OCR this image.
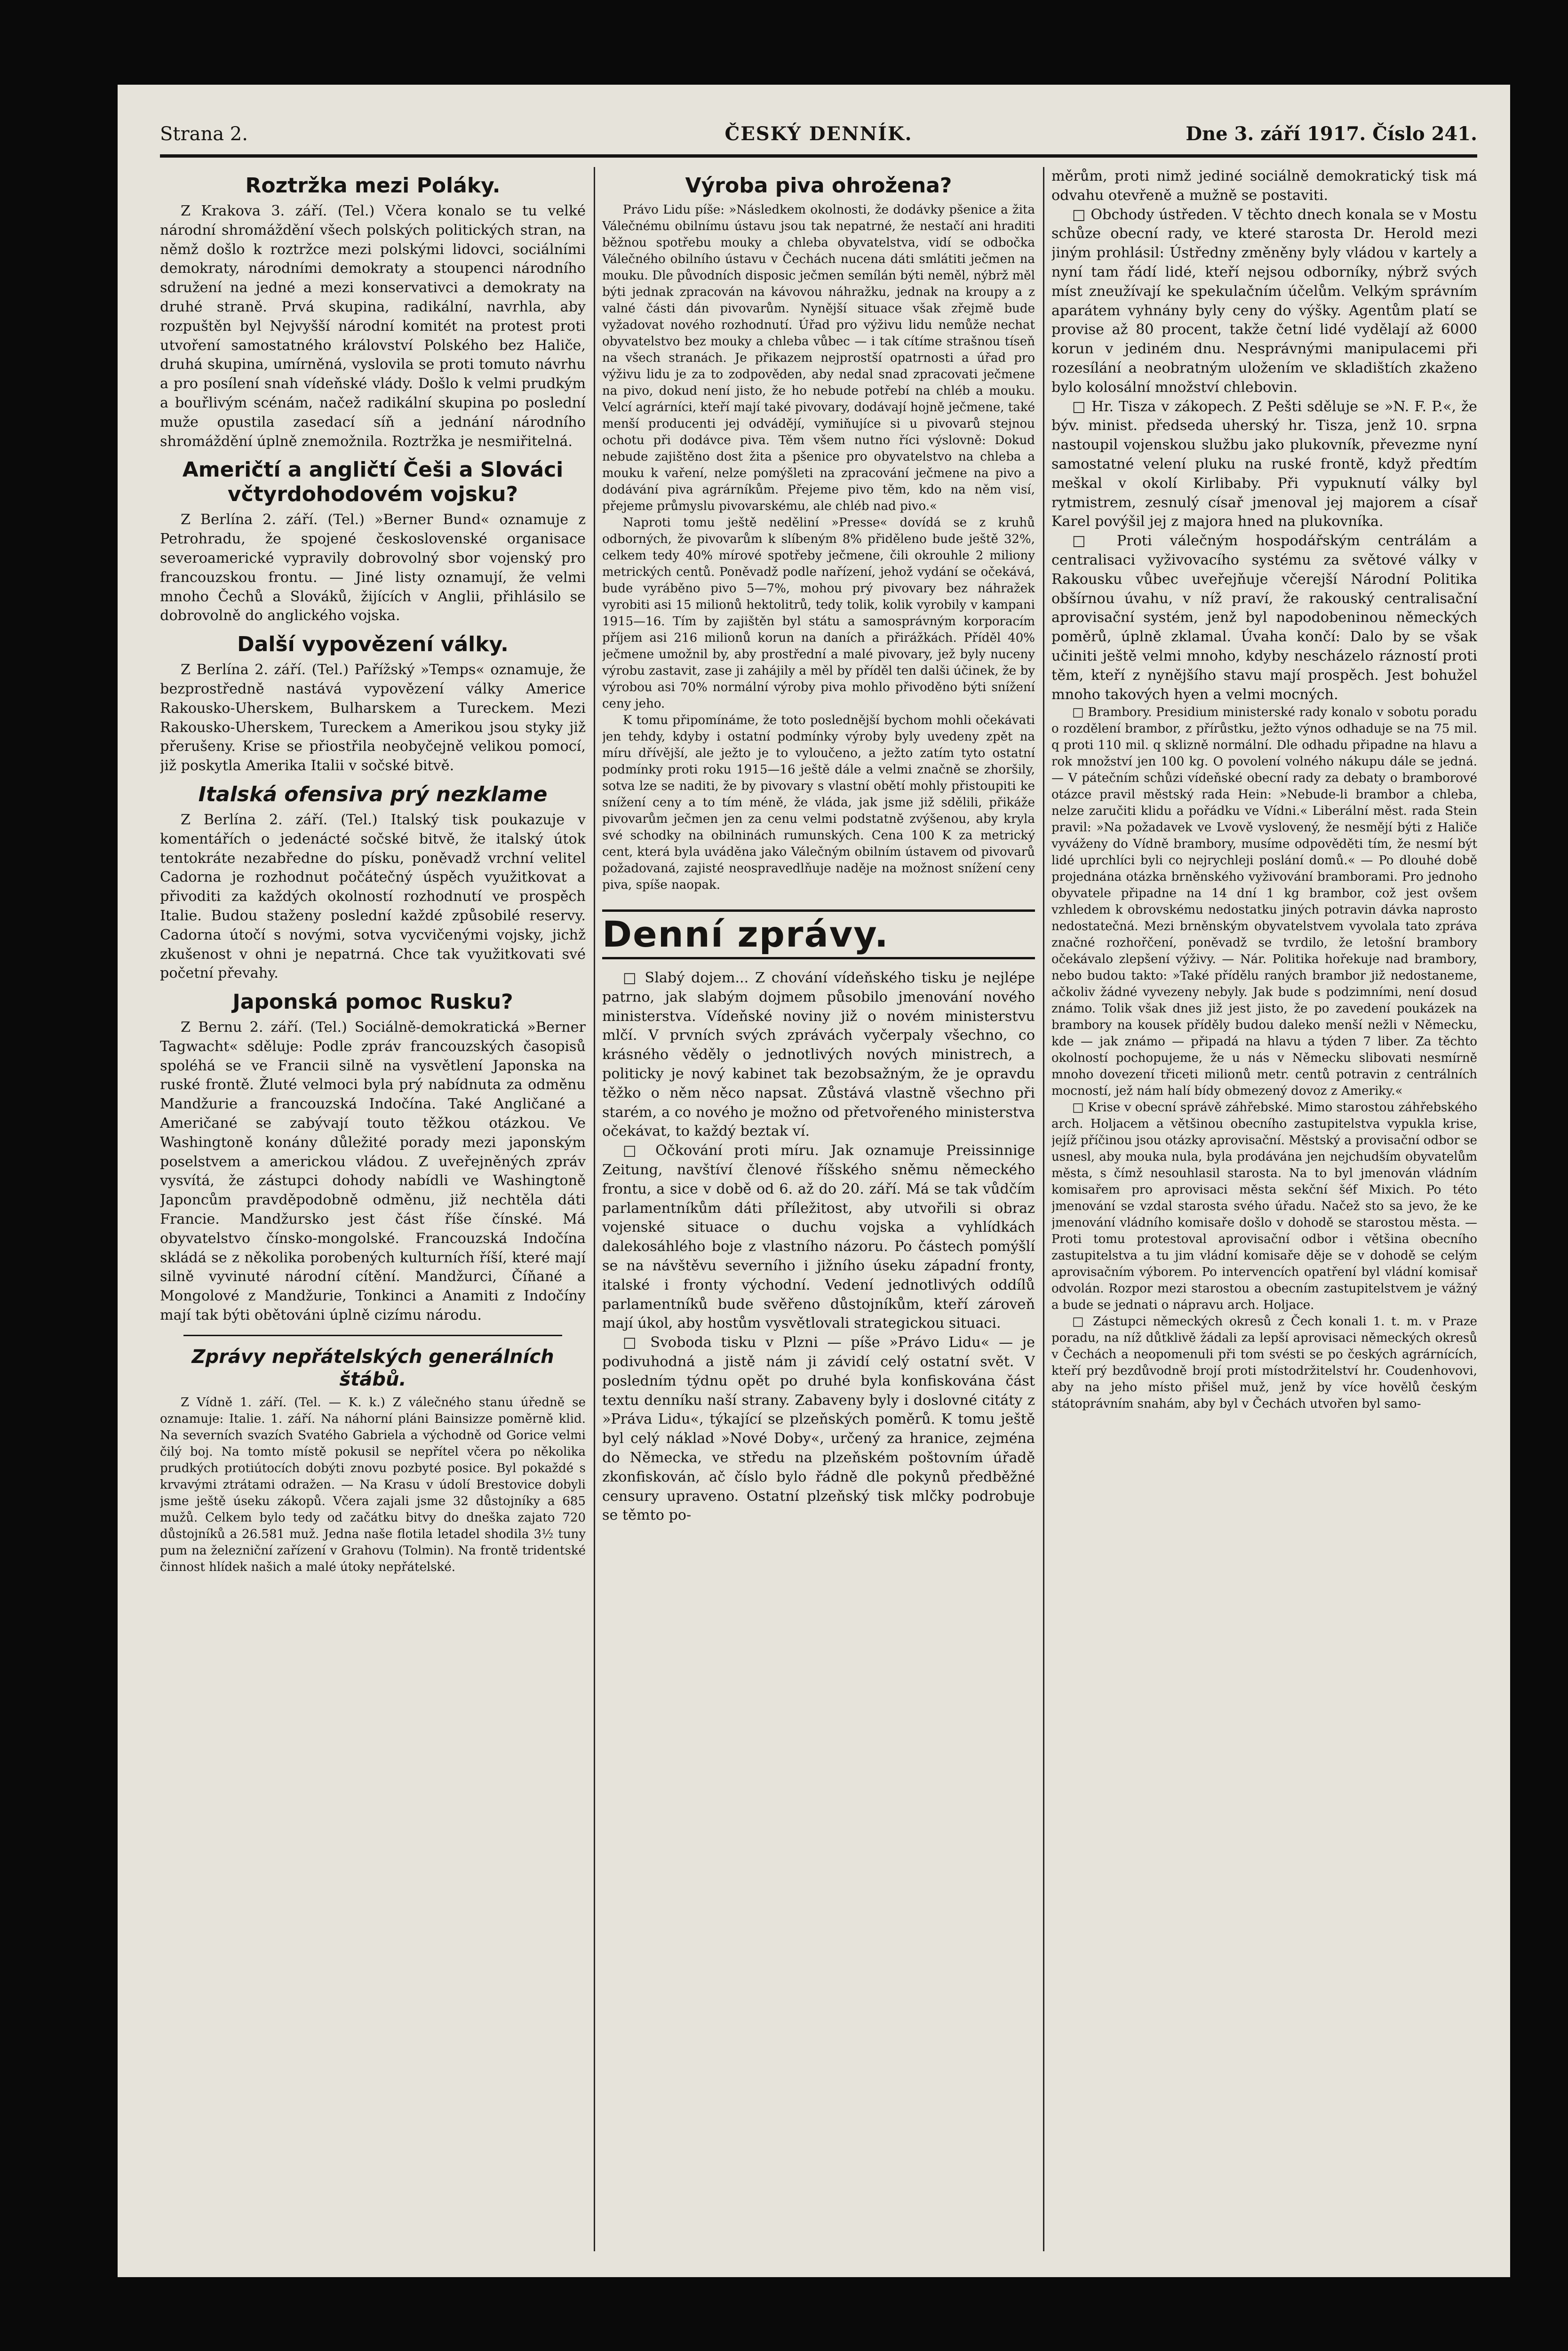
Strana 2.	ČESKÝ DENNÍK.	Dne 3. září 1917. Číslo 241.
Roztržka mezi Poláky.

Z Krakova 3. září. (Tel.) Včera konalo se tu velké národní shromáždění všech polských politických stran, na němž došlo k roztržce mezi polskými lidovci, sociálními demokraty, národními demokraty a stoupenci národního sdružení na jedné a mezi konservativci a demokraty na druhé straně. Prvá skupina, radikální, navrhla, aby rozpuštěn byl Nejvyšší národní komitét na protest proti utvoření samostatného království Polského bez Haliče, druhá skupina, umírněná, vyslovila se proti tomuto návrhu a pro posílení snah vídeňské vlády. Došlo k velmi prudkým a bouřlivým scénám, načež radikální skupina po poslední muže opustila zasedací síň a jednání národního shromáždění úplně znemožnila. Roztržka je nesmiřitelná.

Američtí a angličtí Češi a Slováci včtyrdohodovém vojsku?

Z Berlína 2. září. (Tel.) »Berner Bund« oznamuje z Petrohradu, že spojené československé organisace severoamerické vypravily dobrovolný sbor vojenský pro francouzskou frontu. — Jiné listy oznamují, že velmi mnoho Čechů a Slováků, žijících v Anglii, přihlásilo se dobrovolně do anglického vojska.

Další vypovězení války.

Z Berlína 2. září. (Tel.) Pařížský »Temps« oznamuje, že bezprostředně nastává vypovězení války Americe Rakousko-Uherskem, Bulharskem a Tureckem. Mezi Rakousko-Uherskem, Tureckem a Amerikou jsou styky již přerušeny. Krise se přiostřila neobyčejně velikou pomocí, již poskytla Amerika Italii v sočské bitvě.

Italská ofensiva prý nezklame

Z Berlína 2. září. (Tel.) Italský tisk poukazuje v komentářích o jedenácté sočské bitvě, že italský útok tentokráte nezabředne do písku, poněvadž vrchní velitel Cadorna je rozhodnut počátečný úspěch využitkovat a přivoditi za každých okolností rozhodnutí ve prospěch Italie. Budou staženy poslední každé způsobilé reservy. Cadorna útočí s novými, sotva vycvičenými vojsky, jichž zkušenost v ohni je nepatrná. Chce tak využitkovati své početní převahy.

Japonská pomoc Rusku?

Z Bernu 2. září. (Tel.) Sociálně-demokratická »Berner Tagwacht« sděluje: Podle zpráv francouzských časopisů spoléhá se ve Francii silně na vysvětlení Japonska na ruské frontě. Žluté velmoci byla prý nabídnuta za odměnu Mandžurie a francouzská Indočína. Také Angličané a Američané se zabývají touto těžkou otázkou. Ve Washingtoně konány důležité porady mezi japonským poselstvem a americkou vládou. Z uveřejněných zpráv vysvítá, že zástupci dohody nabídli ve Washingtoně Japoncům pravděpodobně odměnu, již nechtěla dáti Francie. Mandžursko jest část říše čínské. Má obyvatelstvo čínsko-mongolské. Francouzská Indočína skládá se z několika porobených kulturních říší, které mají silně vyvinuté národní cítění. Mandžurci, Číňané a Mongolové z Mandžurie, Tonkinci a Anamiti z Indočíny mají tak býti obětováni úplně cizímu národu.

Zprávy nepřátelských generálních štábů.

Z Vídně 1. září. (Tel. — K. k.) Z válečného stanu úředně se oznamuje: Italie. 1. září. Na náhorní pláni Bainsizze poměrně klid. Na severních svazích Svatého Gabriela a východně od Gorice velmi čilý boj. Na tomto místě pokusil se nepřítel včera po několika prudkých protiútocích dobýti znovu pozbyté posice. Byl pokaždé s krvavými ztrátami odražen. — Na Krasu v údolí Brestovice dobyli jsme ještě úseku zákopů. Včera zajali jsme 32 důstojníky a 685 mužů. Celkem bylo tedy od začátku bitvy do dneška zajato 720 důstojníků a 26.581 muž. Jedna naše flotila letadel shodila 3½ tuny pum na železniční zařízení v Grahovu (Tolmin). Na frontě tridentské činnost hlídek našich a malé útoky nepřátelské.

Výroba piva ohrožena?

Právo Lidu píše: »Následkem okolnosti, že dodávky pšenice a žita Válečnému obilnímu ústavu jsou tak nepatrné, že nestačí ani hraditi běžnou spotřebu mouky a chleba obyvatelstva, vidí se odbočka Válečného obilního ústavu v Čechách nucena dáti smlátiti ječmen na mouku. Dle původních disposic ječmen semílán býti neměl, nýbrž měl býti jednak zpracován na kávovou náhražku, jednak na kroupy a z valné části dán pivovarům. Nynější situace však zřejmě bude vyžadovat nového rozhodnutí. Úřad pro výživu lidu nemůže nechat obyvatelstvo bez mouky a chleba vůbec — i tak cítíme strašnou tíseň na všech stranách. Je přikazem nejprostší opatrnosti a úřad pro výživu lidu je za to zodpověden, aby nedal snad zpracovati ječmene na pivo, dokud není jisto, že ho nebude potřebí na chléb a mouku. Velcí agrárníci, kteří mají také pivovary, dodávají hojně ječmene, také menší producenti jej odvádějí, vymiňujíce si u pivovarů stejnou ochotu při dodávce piva. Těm všem nutno říci výslovně: Dokud nebude zajištěno dost žita a pšenice pro obyvatelstvo na chleba a mouku k vaření, nelze pomýšleti na zpracování ječmene na pivo a dodávání piva agrárníkům. Přejeme pivo těm, kdo na něm visí, přejeme průmyslu pivovarskému, ale chléb nad pivo.«

Naproti tomu ještě neděliní »Presse« dovídá se z kruhů odborných, že pivovarům k slíbeným 8% přiděleno bude ještě 32%, celkem tedy 40% mírové spotřeby ječmene, čili okrouhle 2 miliony metrických centů. Poněvadž podle nařízení, jehož vydání se očekává, bude vyráběno pivo 5—7%, mohou prý pivovary bez náhražek vyrobiti asi 15 milionů hektolitrů, tedy tolik, kolik vyrobily v kampani 1915—16. Tím by zajištěn byl státu a samosprávným korporacím příjem asi 216 milionů korun na daních a přirážkách. Příděl 40% ječmene umožnil by, aby prostřední a malé pivovary, jež byly nuceny výrobu zastavit, zase ji zahájily a měl by příděl ten dalši účinek, že by výrobou asi 70% normální výroby piva mohlo přivoděno býti snížení ceny jeho.

K tomu připomínáme, že toto poslednější bychom mohli očekávati jen tehdy, kdyby i ostatní podmínky výroby byly uvedeny zpět na míru dřívější, ale ježto je to vyloučeno, a ježto zatím tyto ostatní podmínky proti roku 1915—16 ještě dále a velmi značně se zhoršily, sotva lze se naditi, že by pivovary s vlastní obětí mohly přistoupiti ke snížení ceny a to tím méně, že vláda, jak jsme již sdělili, přikáže pivovarům ječmen jen za cenu velmi podstatně zvýšenou, aby kryla své schodky na obilninách rumunských. Cena 100 K za metrický cent, která byla uváděna jako Válečným obilním ústavem od pivovarů požadovaná, zajisté neospravedlňuje naděje na možnost snížení ceny piva, spíše naopak.

Denní zprávy.

□ Slabý dojem... Z chování vídeňského tisku je nejlépe patrno, jak slabým dojmem působilo jmenování nového ministerstva. Vídeňské noviny již o novém ministerstvu mlčí. V prvních svých zprávách vyčerpaly všechno, co krásného věděly o jednotlivých nových ministrech, a politicky je nový kabinet tak bezobsažným, že je opravdu těžko o něm něco napsat. Zůstává vlastně všechno při starém, a co nového je možno od přetvořeného ministerstva očekávat, to každý beztak ví.

□ Očkování proti míru. Jak oznamuje Preissinnige Zeitung, navštíví členové říšského sněmu německého frontu, a sice v době od 6. až do 20. září. Má se tak vůdčím parlamentníkům dáti příležitost, aby utvořili si obraz vojenské situace o duchu vojska a vyhlídkách dalekosáhlého boje z vlastního názoru. Po částech pomýšlí se na návštěvu severního i jižního úseku západní fronty, italské i fronty východní. Vedení jednotlivých oddílů parlamentníků bude svěřeno důstojníkům, kteří zároveň mají úkol, aby hostům vysvětlovali strategickou situaci.

□ Svoboda tisku v Plzni — píše »Právo Lidu« — je podivuhodná a jistě nám ji závidí celý ostatní svět. V posledním týdnu opět po druhé byla konfiskována část textu denníku naší strany. Zabaveny byly i doslovné citáty z »Práva Lidu«, týkající se plzeňských poměrů. K tomu ještě byl celý náklad »Nové Doby«, určený za hranice, zejména do Německa, ve středu na plzeňském poštovním úřadě zkonfiskován, ač číslo bylo řádně dle pokynů předběžné censury upraveno. Ostatní plzeňský tisk mlčky podrobuje se těmto po-

měrům, proti nimž jediné sociálně demokratický tisk má odvahu otevřeně a mužně se postaviti.

□ Obchody ústředen. V těchto dnech konala se v Mostu schůze obecní rady, ve které starosta Dr. Herold mezi jiným prohlásil: Ústředny změněny byly vládou v kartely a nyní tam řádí lidé, kteří nejsou odborníky, nýbrž svých míst zneužívají ke spekulačním účelům. Velkým správním aparátem vyhnány byly ceny do výšky. Agentům platí se provise až 80 procent, takže četní lidé vydělají až 6000 korun v jediném dnu. Nesprávnými manipulacemi při rozesílání a neobratným uložením ve skladištích zkaženo bylo kolosální množství chlebovin.

□ Hr. Tisza v zákopech. Z Pešti sděluje se »N. F. P.«, že býv. minist. předseda uherský hr. Tisza, jenž 10. srpna nastoupil vojenskou službu jako plukovník, převezme nyní samostatné velení pluku na ruské frontě, když předtím meškal v okolí Kirlibaby. Při vypuknutí války byl rytmistrem, zesnulý císař jmenoval jej majorem a císař Karel povýšil jej z majora hned na plukovníka.

□ Proti válečným hospodářským centrálám a centralisaci vyživovacího systému za světové války v Rakousku vůbec uveřejňuje včerejší Národní Politika obšírnou úvahu, v níž praví, že rakouský centralisační aprovisační systém, jenž byl napodobeninou německých poměrů, úplně zklamal. Úvaha končí: Dalo by se však učiniti ještě velmi mnoho, kdyby nescházelo rázností proti těm, kteří z nynějšího stavu mají prospěch. Jest bohužel mnoho takových hyen a velmi mocných.

□ Brambory. Presidium ministerské rady konalo v sobotu poradu o rozdělení brambor, z přírůstku, ježto výnos odhaduje se na 75 mil. q proti 110 mil. q sklizně normální. Dle odhadu připadne na hlavu a rok množství jen 100 kg. O povolení volného nákupu dále se jedná. — V pátečním schůzi vídeňské obecní rady za debaty o bramborové otázce pravil městský rada Hein: »Nebude-li brambor a chleba, nelze zaručiti klidu a pořádku ve Vídni.« Liberální měst. rada Stein pravil: »Na požadavek ve Lvově vyslovený, že nesmějí býti z Haliče vyváženy do Vídně brambory, musíme odpověděti tím, že nesmí být lidé uprchlíci byli co nejrychleji poslání domů.« — Po dlouhé době projednána otázka brněnského vyživování bramborami. Pro jednoho obyvatele připadne na 14 dní 1 kg brambor, což jest ovšem vzhledem k obrovskému nedostatku jiných potravin dávka naprosto nedostatečná. Mezi brněnským obyvatelstvem vyvolala tato zpráva značné rozhořčení, poněvadž se tvrdilo, že letošní brambory očekávalo zlepšení výživy. — Nár. Politika hořekuje nad brambory, nebo budou takto: »Také přídělu raných brambor již nedostaneme, ačkoliv žádné vyvezeny nebyly. Jak bude s podzimními, není dosud známo. Tolik však dnes již jest jisto, že po zavedení poukázek na brambory na kousek příděly budou daleko menší nežli v Německu, kde — jak známo — připadá na hlavu a týden 7 liber. Za těchto okolností pochopujeme, že u nás v Německu slibovati nesmírně mnoho dovezení třiceti milionů metr. centů potravin z centrálních mocností, jež nám halí bídy obmezený dovoz z Ameriky.«

□ Krise v obecní správě záhřebské. Mimo starostou záhřebského arch. Holjacem a většinou obecního zastupitelstva vypukla krise, jejíž příčinou jsou otázky aprovisační. Městský a provisační odbor se usnesl, aby mouka nula, byla prodávána jen nejchudším obyvatelům města, s čímž nesouhlasil starosta. Na to byl jmenován vládním komisařem pro aprovisaci města sekční šéf Mixich. Po této jmenování se vzdal starosta svého úřadu. Načež sto sa jevo, že ke jmenování vládního komisaře došlo v dohodě se starostou města. — Proti tomu protestoval aprovisační odbor i většina obecního zastupitelstva a tu jim vládní komisaře děje se v dohodě se celým aprovisačním výborem. Po intervencích opatření byl vládní komisař odvolán. Rozpor mezi starostou a obecním zastupitelstvem je vážný a bude se jednati o nápravu arch. Holjace.

□ Zástupci německých okresů z Čech konali 1. t. m. v Praze poradu, na níž důtklivě žádali za lepší aprovisaci německých okresů v Čechách a neopomenuli při tom svésti se po českých agrárnících, kteří prý bezdůvodně brojí proti místodržitelství hr. Coudenhovovi, aby na jeho místo přišel muž, jenž by více hovělů českým státoprávním snahám, aby byl v Čechách utvořen byl samo-
